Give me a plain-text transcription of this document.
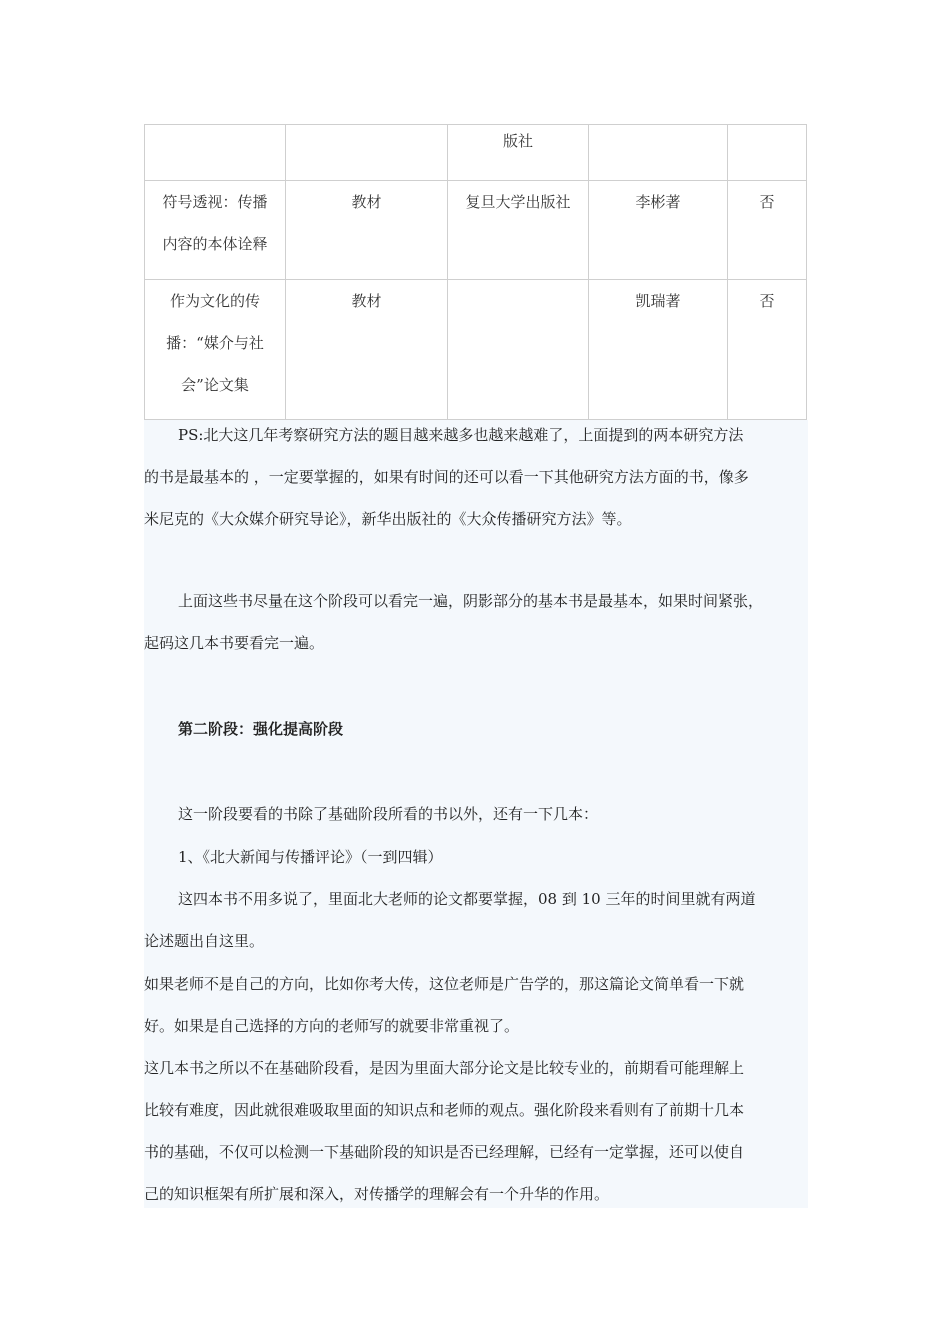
		版社		

符号透视：传播
内容的本体诠释	教材	复旦大学出版社	李彬著	否

作为文化的传
播：“媒介与社
会”论文集	教材		凯瑞著	否
PS:北大这几年考察研究方法的题目越来越多也越来越难了，上面提到的两本研究方法
的书是最基本的 ，一定要掌握的，如果有时间的还可以看一下其他研究方法方面的书，像多
米尼克的《大众媒介研究导论》，新华出版社的《大众传播研究方法》等。
上面这些书尽量在这个阶段可以看完一遍，阴影部分的基本书是最基本，如果时间紧张，
起码这几本书要看完一遍。
第二阶段：强化提高阶段
这一阶段要看的书除了基础阶段所看的书以外，还有一下几本：
1、《北大新闻与传播评论》（一到四辑）
这四本书不用多说了，里面北大老师的论文都要掌握，08 到 10 三年的时间里就有两道
论述题出自这里。
如果老师不是自己的方向，比如你考大传，这位老师是广告学的，那这篇论文简单看一下就
好。如果是自己选择的方向的老师写的就要非常重视了。
这几本书之所以不在基础阶段看，是因为里面大部分论文是比较专业的，前期看可能理解上
比较有难度，因此就很难吸取里面的知识点和老师的观点。强化阶段来看则有了前期十几本
书的基础，不仅可以检测一下基础阶段的知识是否已经理解，已经有一定掌握，还可以使自
己的知识框架有所扩展和深入，对传播学的理解会有一个升华的作用。
